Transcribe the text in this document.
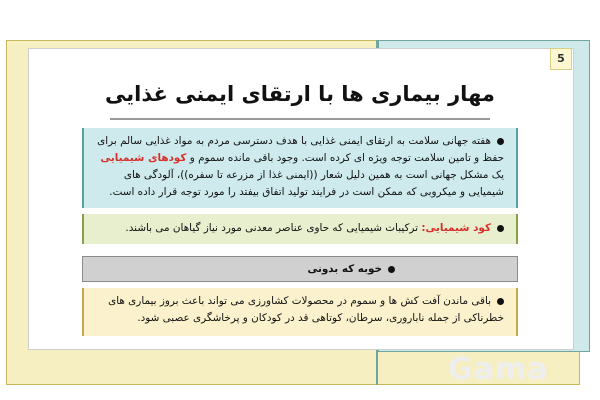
5
مهار بیماری ها با ارتقای ایمنی غذایی
هفته جهانی سلامت به ارتقای ایمنی غذایی با هدف دسترسی مردم به مواد غذایی سالم برای حفظ و تامین سلامت توجه ویژه ای کرده است. وجود باقی مانده سموم و کودهای شیمیایی یک مشکل جهانی است به همین دلیل شعار ((ایمنی غذا از مزرعه تا سفره))، آلودگی های شیمیایی و میکروبی که ممکن است در فرایند تولید اتفاق بیفتد را مورد توجه قرار داده است.
کود شیمیایی: ترکیبات شیمیایی که حاوی عناصر معدنی مورد نیاز گیاهان می باشند.
خوبه که بدونی
باقی ماندن آفت کش ها و سموم در محصولات کشاورزی می تواند باعث بروز بیماری های خطرناکی از جمله ناباروری، سرطان، کوتاهی قد در کودکان و پرخاشگری عصبی شود.
Gama
